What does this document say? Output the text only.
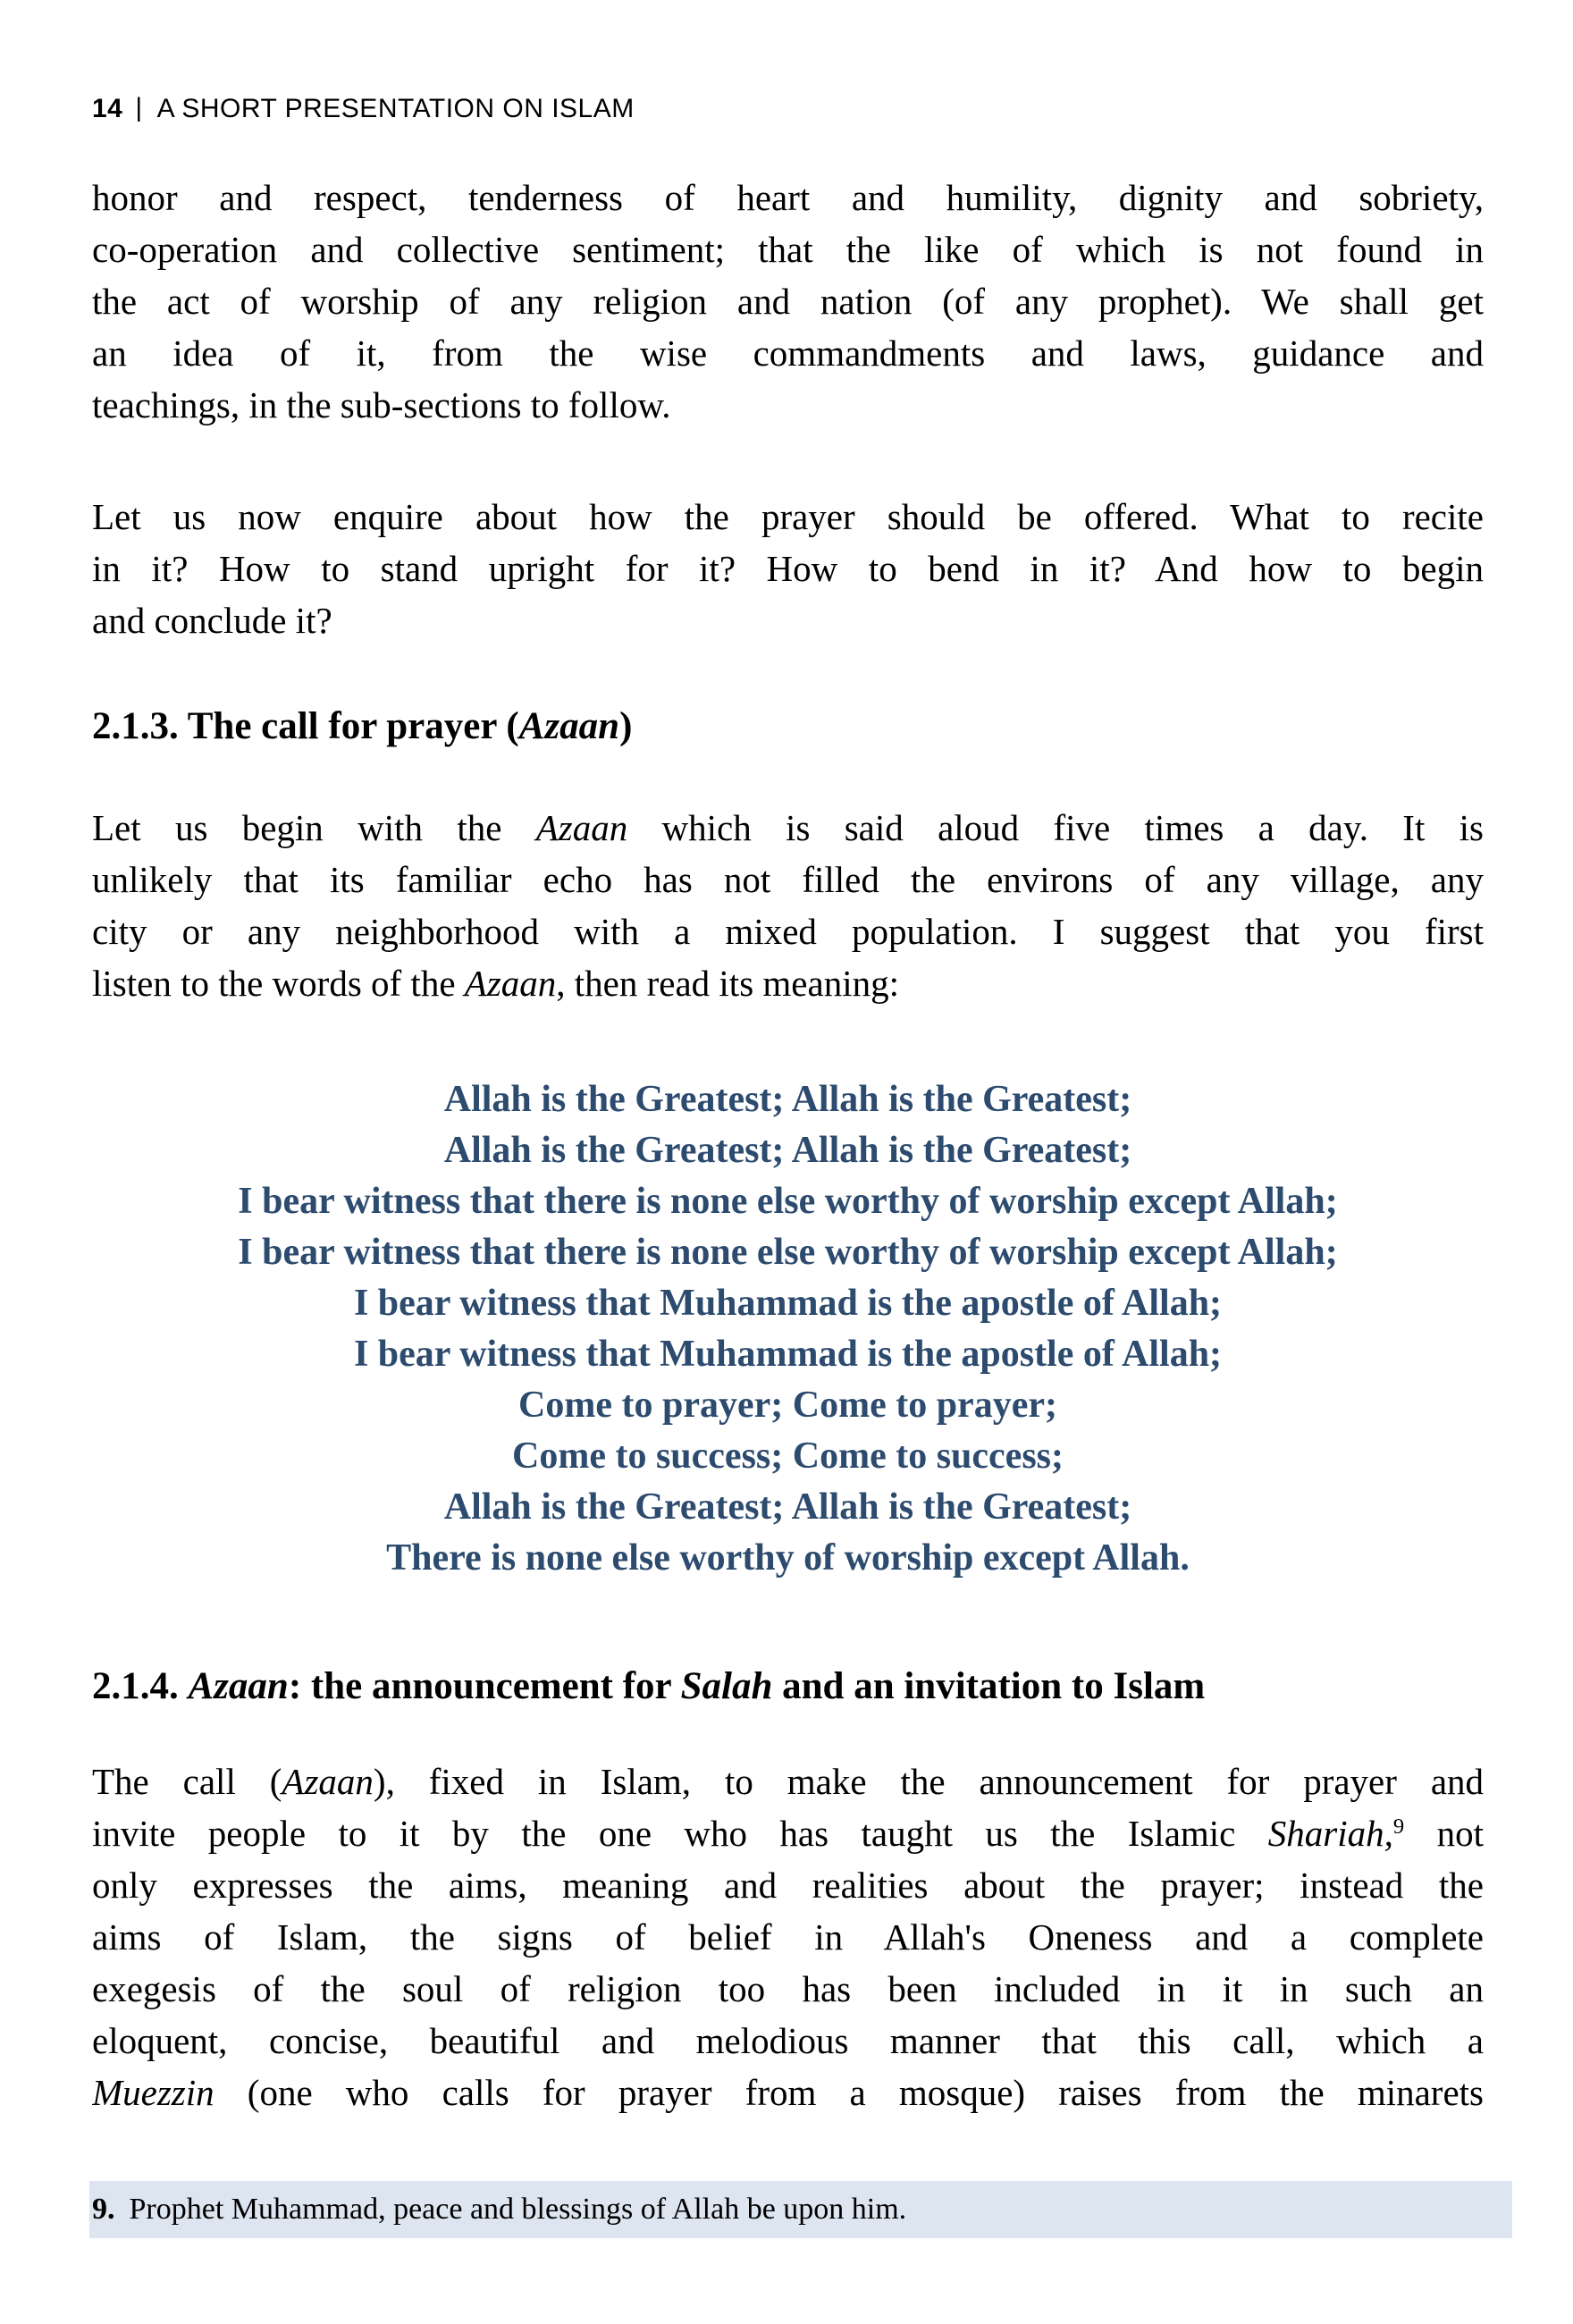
14 | A SHORT PRESENTATION ON ISLAM

honor and respect, tenderness of heart and humility, dignity and sobriety,
co-operation and collective sentiment; that the like of which is not found in
the act of worship of any religion and nation (of any prophet). We shall get
an idea of it, from the wise commandments and laws, guidance and
teachings, in the sub-sections to follow.

Let us now enquire about how the prayer should be offered. What to recite
in it? How to stand upright for it? How to bend in it? And how to begin
and conclude it?

2.1.3. The call for prayer (Azaan)

Let us begin with the Azaan which is said aloud five times a day. It is
unlikely that its familiar echo has not filled the environs of any village, any
city or any neighborhood with a mixed population. I suggest that you first
listen to the words of the Azaan, then read its meaning:

Allah is the Greatest; Allah is the Greatest;
Allah is the Greatest; Allah is the Greatest;
I bear witness that there is none else worthy of worship except Allah;
I bear witness that there is none else worthy of worship except Allah;
I bear witness that Muhammad is the apostle of Allah;
I bear witness that Muhammad is the apostle of Allah;
Come to prayer; Come to prayer;
Come to success; Come to success;
Allah is the Greatest; Allah is the Greatest;
There is none else worthy of worship except Allah.
2.1.4. Azaan: the announcement for Salah and an invitation to Islam

The call (Azaan), fixed in Islam, to make the announcement for prayer and
invite people to it by the one who has taught us the Islamic Shariah,$^9$ not
only expresses the aims, meaning and realities about the prayer; instead the
aims of Islam, the signs of belief in Allah's Oneness and a complete
exegesis of the soul of religion too has been included in it in such an
eloquent, concise, beautiful and melodious manner that this call, which a
Muezzin (one who calls for prayer from a mosque) raises from the minarets

9. Prophet Muhammad, peace and blessings of Allah be upon him.
